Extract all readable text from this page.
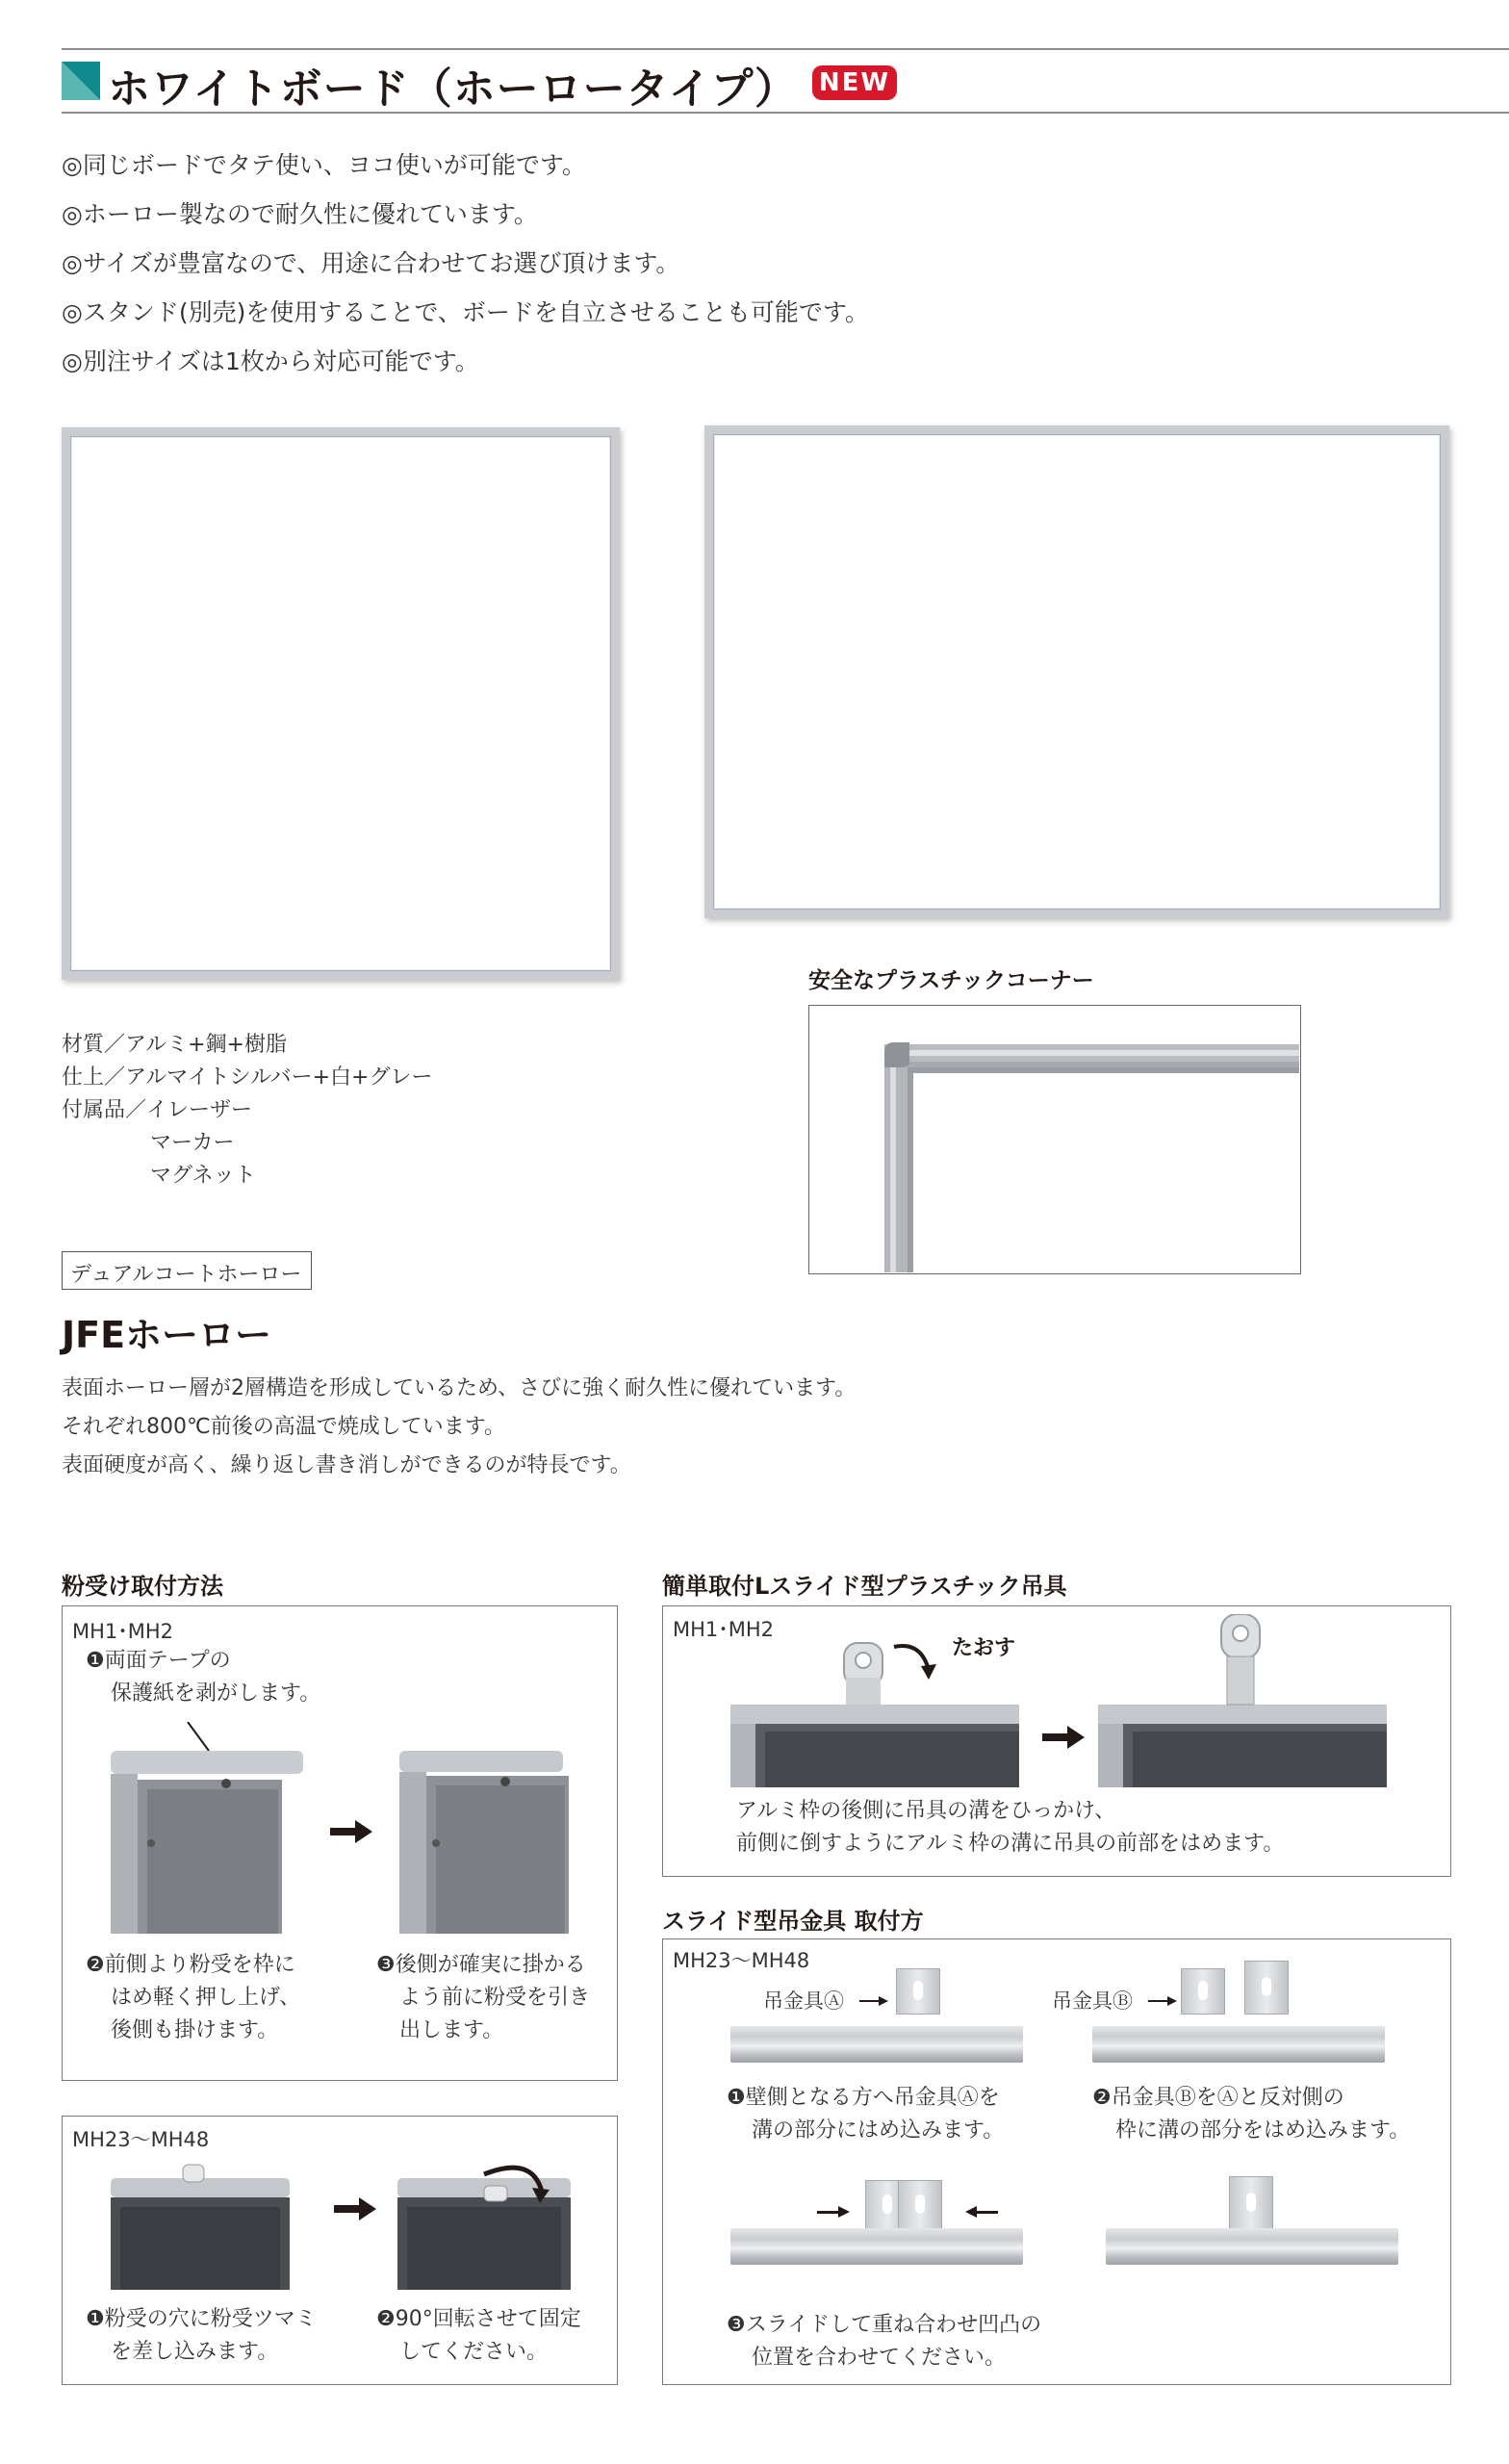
ホワイトボード（ホーロータイプ） NEW
◎同じボードでタテ使い、ヨコ使いが可能です。
◎ホーロー製なので耐久性に優れています。
◎サイズが豊富なので、用途に合わせてお選び頂けます。
◎スタンド(別売)を使用することで、ボードを自立させることも可能です。
◎別注サイズは1枚から対応可能です。
安全なプラスチックコーナー
材質／アルミ+鋼+樹脂
仕上／アルマイトシルバー+白+グレー
付属品／イレーザー
マーカー
マグネット
デュアルコートホーロー
JFEホーロー
表面ホーロー層が2層構造を形成しているため、さびに強く耐久性に優れています。
それぞれ800℃前後の高温で焼成しています。
表面硬度が高く、繰り返し書き消しができるのが特長です。
粉受け取付方法
MH1･MH2
❶両面テープの
保護紙を剥がします。
❷前側より粉受を枠に
はめ軽く押し上げ、
後側も掛けます。
❸後側が確実に掛かる
よう前に粉受を引き
出します。
MH23～MH48
❶粉受の穴に粉受ツマミ
を差し込みます。
❷90°回転させて固定
してください。
簡単取付Lスライド型プラスチック吊具
MH1･MH2
たおす
アルミ枠の後側に吊具の溝をひっかけ、
前側に倒すようにアルミ枠の溝に吊具の前部をはめます。
スライド型吊金具 取付方
MH23～MH48
吊金具Ⓐ	吊金具Ⓑ
❶壁側となる方へ吊金具Ⓐを
溝の部分にはめ込みます。
❷吊金具ⒷをⒶと反対側の
枠に溝の部分をはめ込みます。
❸スライドして重ね合わせ凹凸の
位置を合わせてください。
